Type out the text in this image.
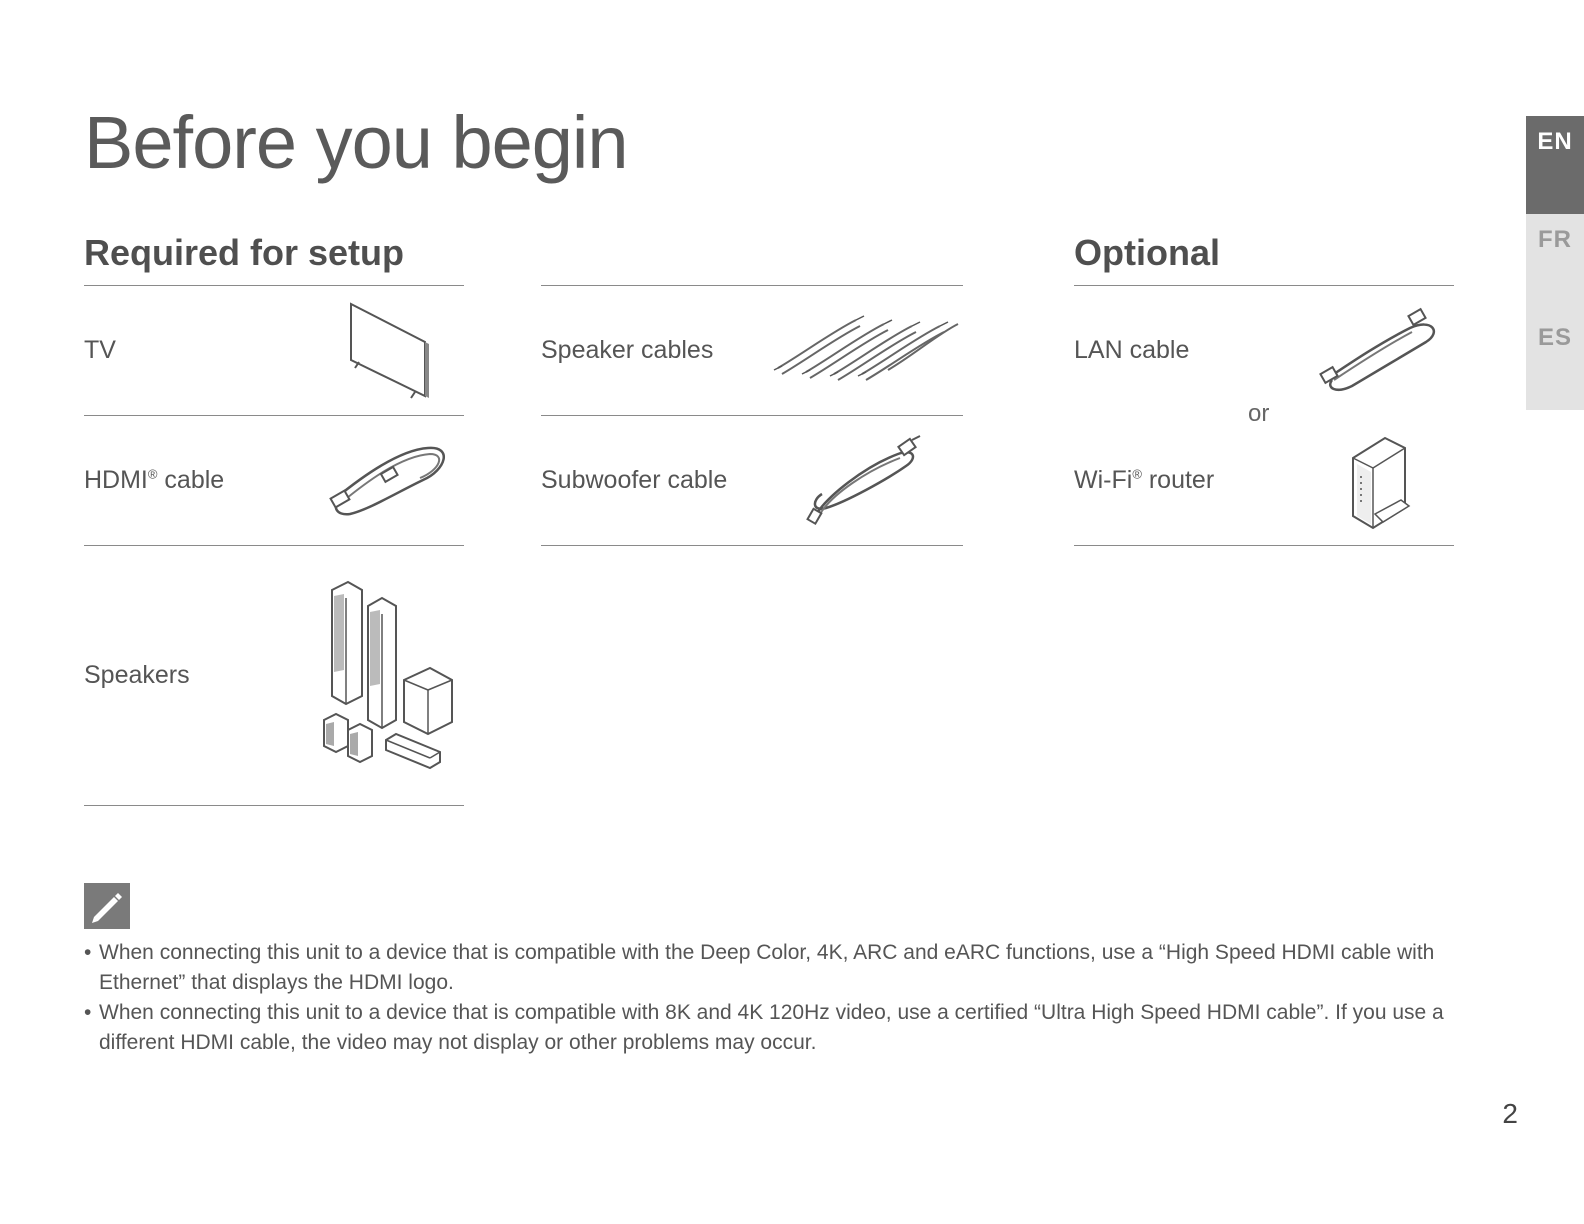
Before you begin	EN
FR
ES
Required for setup	Optional
TV
HDMI® cable
Speakers
Speaker cables
Subwoofer cable
LAN cable
or
Wi-Fi® router
• When connecting this unit to a device that is compatible with the Deep Color, 4K, ARC and eARC functions, use a “High Speed HDMI cable with Ethernet” that displays the HDMI logo.
• When connecting this unit to a device that is compatible with 8K and 4K 120Hz video, use a certified “Ultra High Speed HDMI cable”. If you use a different HDMI cable, the video may not display or other problems may occur.
2
